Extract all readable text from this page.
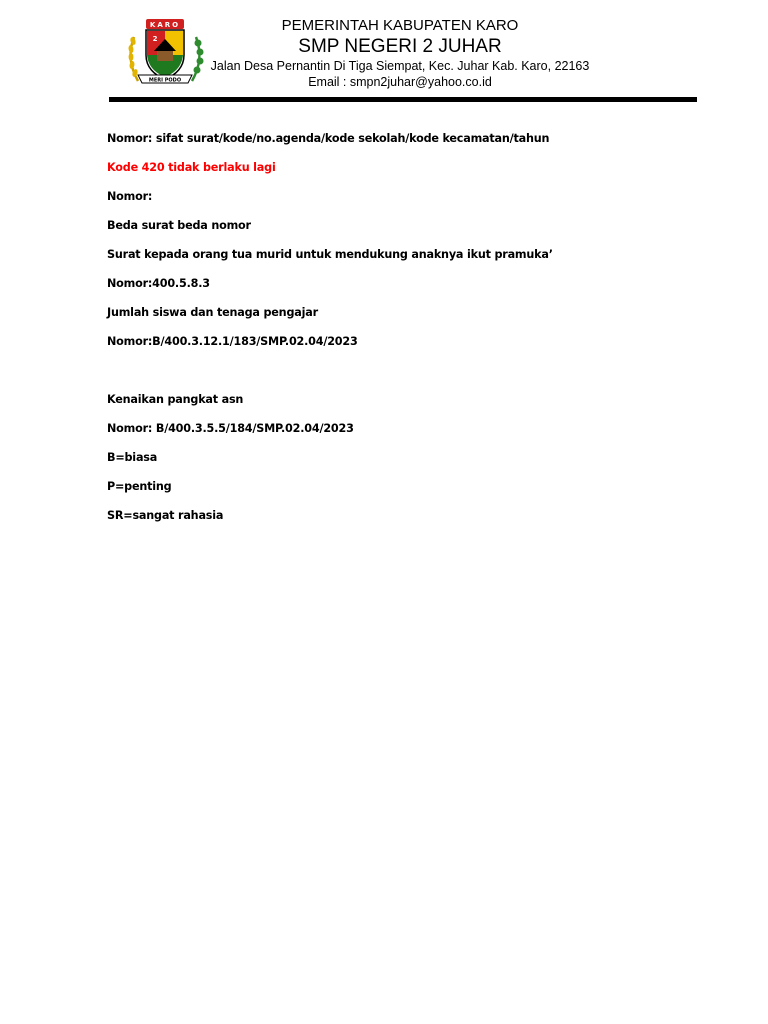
KARO
2
MERI PODO
PEMERINTAH KABUPATEN KARO
SMP NEGERI 2 JUHAR
Jalan Desa Pernantin Di Tiga Siempat, Kec. Juhar Kab. Karo, 22163
Email : smpn2juhar@yahoo.co.id
Nomor: sifat surat/kode/no.agenda/kode sekolah/kode kecamatan/tahun
Kode 420 tidak berlaku lagi
Nomor:
Beda surat beda nomor
Surat kepada orang tua murid untuk mendukung anaknya ikut pramuka’
Nomor:400.5.8.3
Jumlah siswa dan tenaga pengajar
Nomor:B/400.3.12.1/183/SMP.02.04/2023
Kenaikan pangkat asn
Nomor: B/400.3.5.5/184/SMP.02.04/2023
B=biasa
P=penting
SR=sangat rahasia
